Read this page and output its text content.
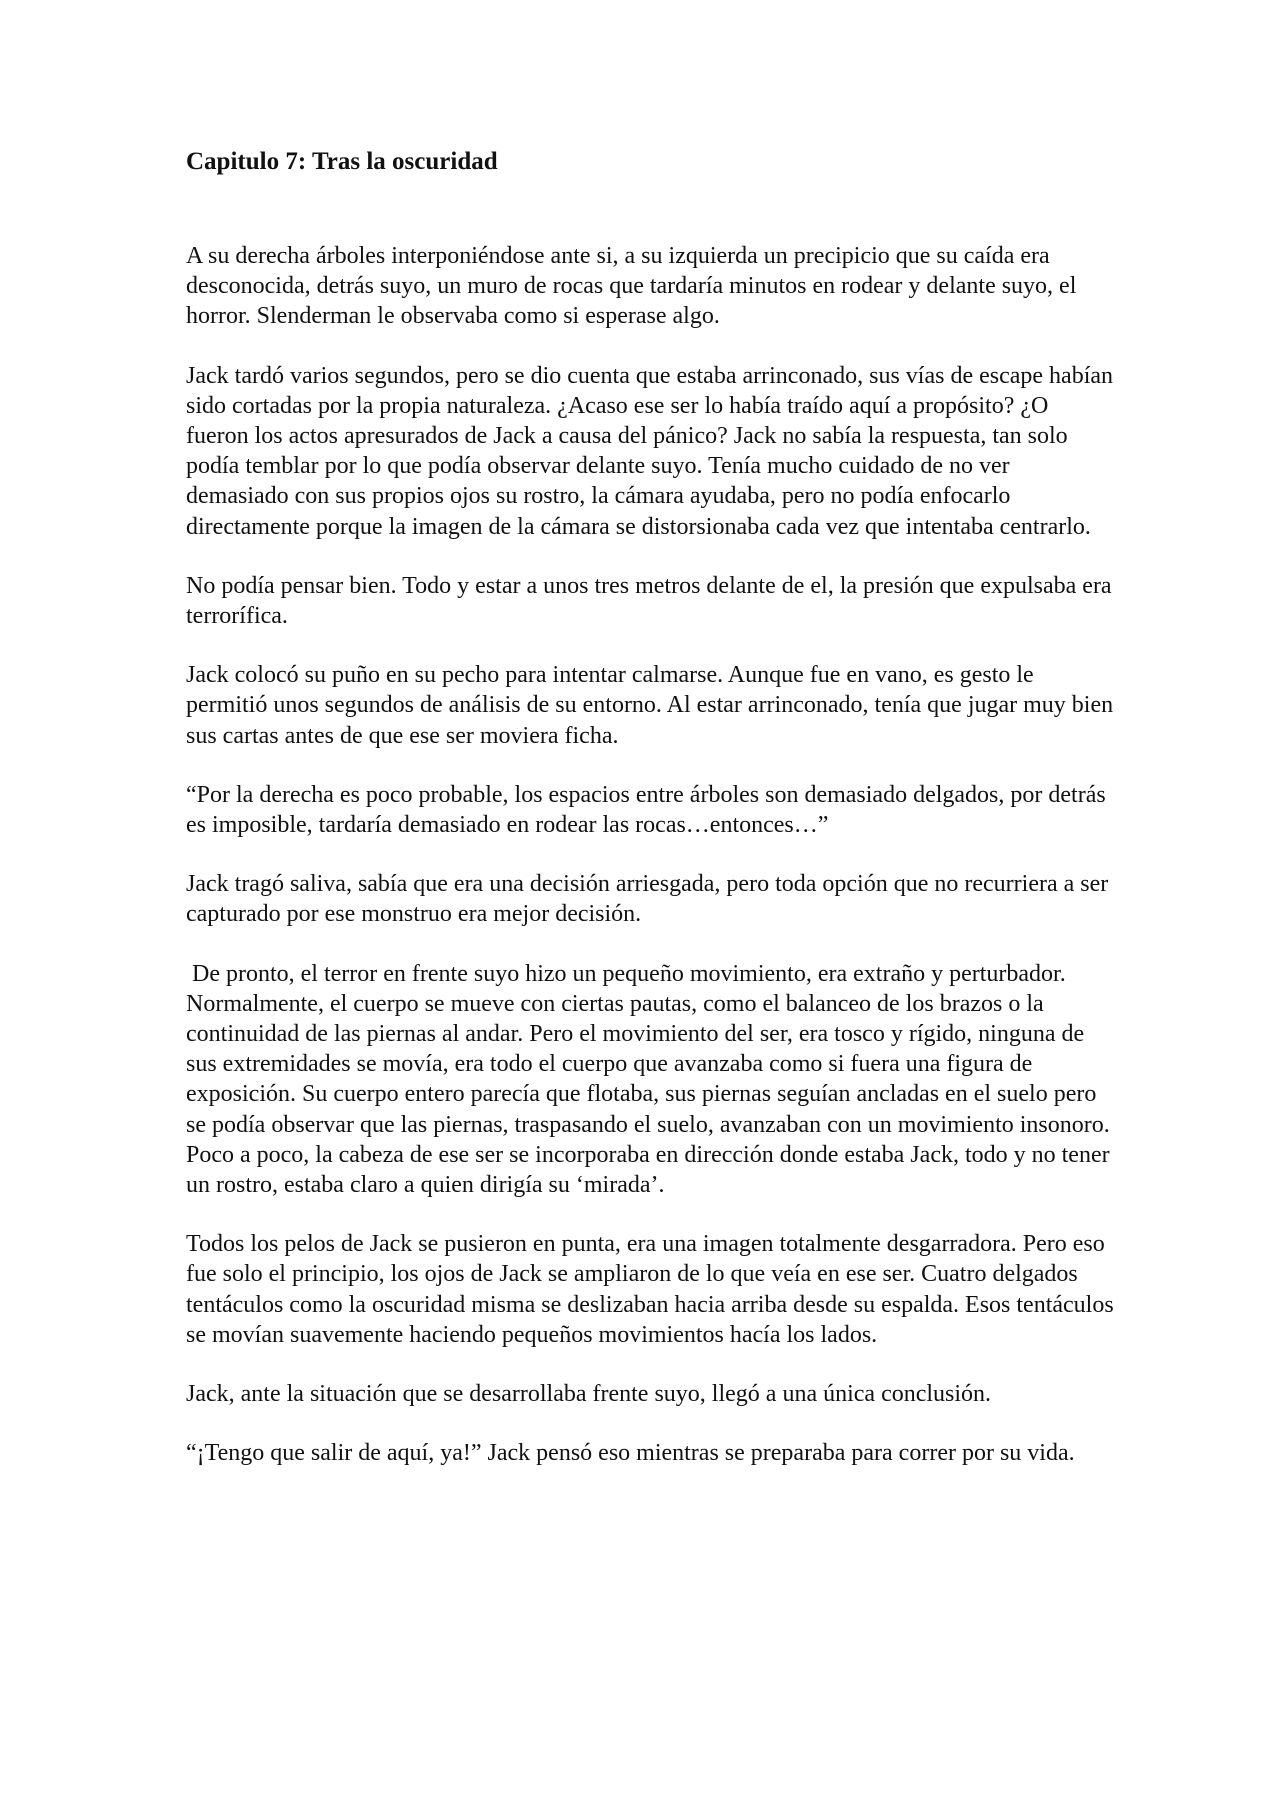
Capitulo 7: Tras la oscuridad

A su derecha árboles interponiéndose ante si, a su izquierda un precipicio que su caída era desconocida, detrás suyo, un muro de rocas que tardaría minutos en rodear y delante suyo, el horror. Slenderman le observaba como si esperase algo.

Jack tardó varios segundos, pero se dio cuenta que estaba arrinconado, sus vías de escape habían sido cortadas por la propia naturaleza. ¿Acaso ese ser lo había traído aquí a propósito? ¿O fueron los actos apresurados de Jack a causa del pánico? Jack no sabía la respuesta, tan solo podía temblar por lo que podía observar delante suyo. Tenía mucho cuidado de no ver demasiado con sus propios ojos su rostro, la cámara ayudaba, pero no podía enfocarlo directamente porque la imagen de la cámara se distorsionaba cada vez que intentaba centrarlo.

No podía pensar bien. Todo y estar a unos tres metros delante de el, la presión que expulsaba era terrorífica.

Jack colocó su puño en su pecho para intentar calmarse. Aunque fue en vano, es gesto le permitió unos segundos de análisis de su entorno. Al estar arrinconado, tenía que jugar muy bien sus cartas antes de que ese ser moviera ficha.

“Por la derecha es poco probable, los espacios entre árboles son demasiado delgados, por detrás es imposible, tardaría demasiado en rodear las rocas…entonces…”

Jack tragó saliva, sabía que era una decisión arriesgada, pero toda opción que no recurriera a ser capturado por ese monstruo era mejor decisión.

De pronto, el terror en frente suyo hizo un pequeño movimiento, era extraño y perturbador. Normalmente, el cuerpo se mueve con ciertas pautas, como el balanceo de los brazos o la continuidad de las piernas al andar. Pero el movimiento del ser, era tosco y rígido, ninguna de sus extremidades se movía, era todo el cuerpo que avanzaba como si fuera una figura de exposición. Su cuerpo entero parecía que flotaba, sus piernas seguían ancladas en el suelo pero se podía observar que las piernas, traspasando el suelo, avanzaban con un movimiento insonoro. Poco a poco, la cabeza de ese ser se incorporaba en dirección donde estaba Jack, todo y no tener un rostro, estaba claro a quien dirigía su ‘mirada’.

Todos los pelos de Jack se pusieron en punta, era una imagen totalmente desgarradora. Pero eso fue solo el principio, los ojos de Jack se ampliaron de lo que veía en ese ser. Cuatro delgados tentáculos como la oscuridad misma se deslizaban hacia arriba desde su espalda. Esos tentáculos se movían suavemente haciendo pequeños movimientos hacía los lados.

Jack, ante la situación que se desarrollaba frente suyo, llegó a una única conclusión.

“¡Tengo que salir de aquí, ya!” Jack pensó eso mientras se preparaba para correr por su vida.
